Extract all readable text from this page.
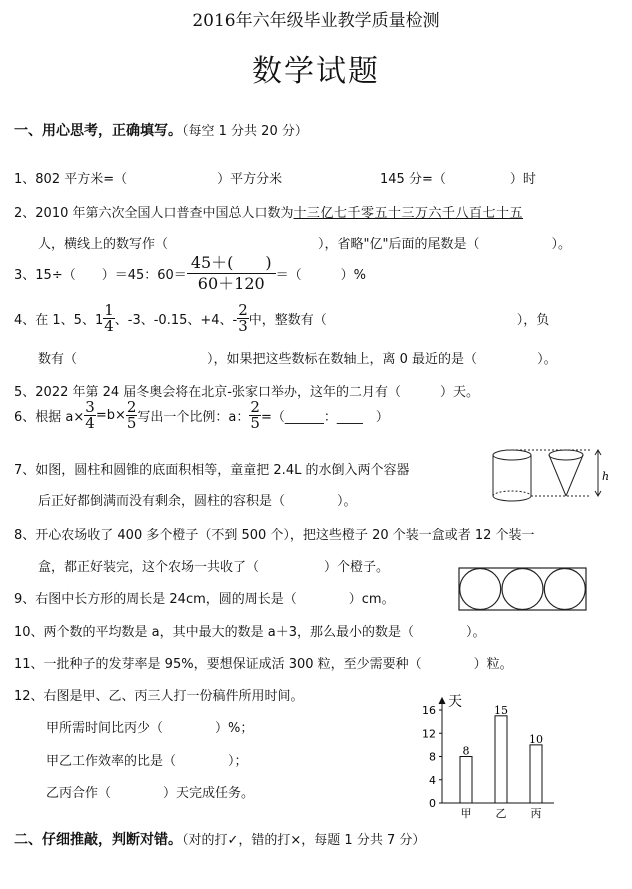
2016年六年级毕业教学质量检测
数学试题
一、用心思考，正确填写。（每空 1 分共 20 分）
1、802 平方米=（	）平方分米	145 分=（	）时
2、2010 年第六次全国人口普查中国总人口数为十三亿七千零五十三万六千八百七十五
人，横线上的数写作（	），省略"亿"后面的尾数是（	）。
3、15÷（　　）＝45：$60= \frac{45+( )}{60+120}$ ＝（　　　）%
4、在 1、5、$1 \frac{1}{4}$ 、-3、-0.15、+4、- $\frac{2}{3}$ 中，整数有（	），负
数有（	），如果把这些数标在数轴上，离 0 最近的是（	）。
5、2022 年第 24 届冬奥会将在北京-张家口举办，这年的二月有（　　　）天。
6、根据 $a\times \frac{3}{4} =b\times \frac{2}{5}$ 写出一个比例：a： $\frac{2}{5}$ =（______：____　）
7、如图，圆柱和圆锥的底面积相等，童童把 2.4L 的水倒入两个容器
后正好都倒满而没有剩余，圆柱的容积是（　　　　）。
h
8、开心农场收了 400 多个橙子（不到 500 个），把这些橙子 20 个装一盒或者 12 个装一
盒，都正好装完，这个农场一共收了（　　　　　）个橙子。
9、右图中长方形的周长是 24cm，圆的周长是（　　　　）cm。
10、两个数的平均数是 a，其中最大的数是 a＋3，那么最小的数是（　　　　）。
11、一批种子的发芽率是 95%，要想保证成活 300 粒，至少需要种（　　　　）粒。
12、右图是甲、乙、丙三人打一份稿件所用时间。
甲所需时间比丙少（　　　　）%；
甲乙工作效率的比是（　　　　）；
乙丙合作（　　　　）天完成任务。
0
4
8
12
16
8
甲
15
乙
10
丙
天
二、仔细推敲，判断对错。（对的打✓，错的打×，每题 1 分共 7 分）
